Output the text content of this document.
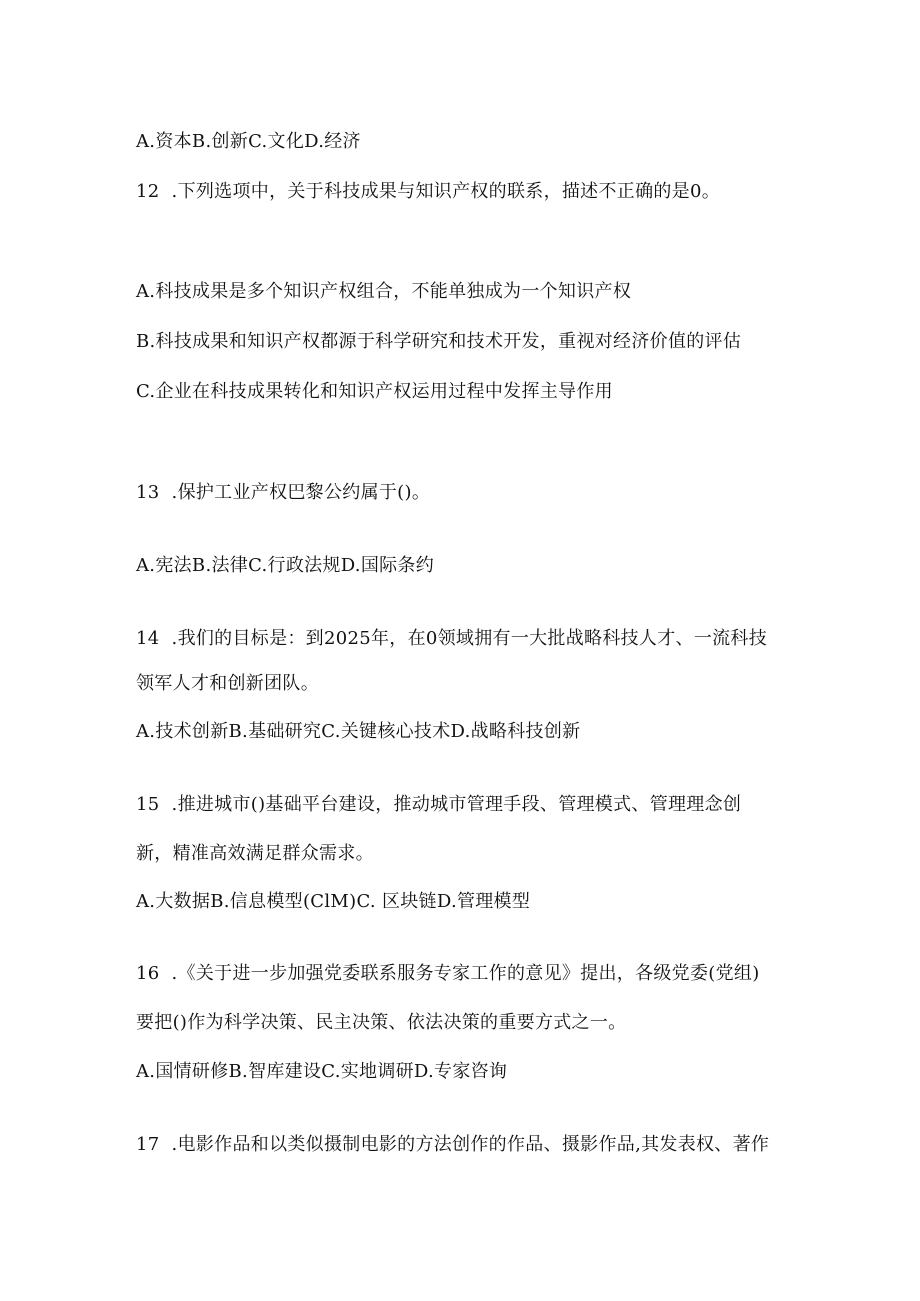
A.资本B.创新C.文化D.经济
12  .下列选项中，关于科技成果与知识产权的联系，描述不正确的是0。
A.科技成果是多个知识产权组合，不能单独成为一个知识产权
B.科技成果和知识产权都源于科学研究和技术开发，重视对经济价值的评估
C.企业在科技成果转化和知识产权运用过程中发挥主导作用
13  .保护工业产权巴黎公约属于()。
A.宪法B.法律C.行政法规D.国际条约
14  .我们的目标是：到2025年，在0领域拥有一大批战略科技人才、一流科技
领军人才和创新团队。
A.技术创新B.基础研究C.关键核心技术D.战略科技创新
15  .推进城市()基础平台建设，推动城市管理手段、管理模式、管理理念创
新，精准高效满足群众需求。
A.大数据B.信息模型(ClM)C. 区块链D.管理模型
16  .《关于进一步加强党委联系服务专家工作的意见》提出，各级党委(党组)
要把()作为科学决策、民主决策、依法决策的重要方式之一。
A.国情研修B.智库建设C.实地调研D.专家咨询
17  .电影作品和以类似摄制电影的方法创作的作品、摄影作品,其发表权、著作
